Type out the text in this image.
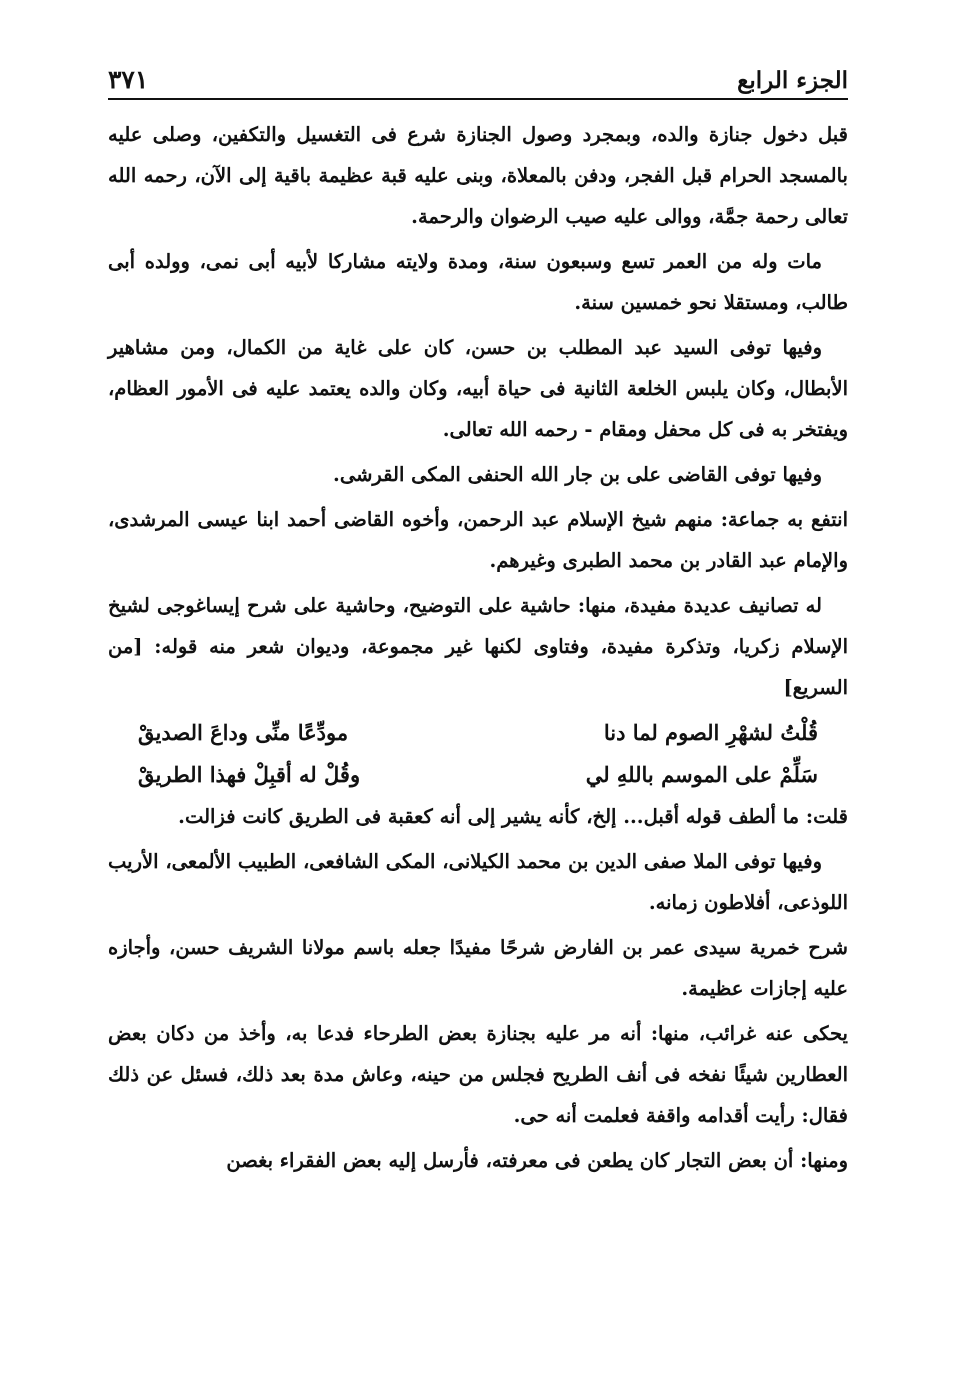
الجزء الرابع
٣٧١

قبل دخول جنازة والده، وبمجرد وصول الجنازة شرع فى التغسيل والتكفين، وصلى عليه بالمسجد الحرام قبل الفجر، ودفن بالمعلاة، وبنى عليه قبة عظيمة باقية إلى الآن، رحمه الله تعالى رحمة جمَّة، ووالى عليه صيب الرضوان والرحمة.

مات وله من العمر تسع وسبعون سنة، ومدة ولايته مشاركا لأبيه أبى نمى، وولده أبى طالب، ومستقلا نحو خمسين سنة.

وفيها توفى السيد عبد المطلب بن حسن، كان على غاية من الكمال، ومن مشاهير الأبطال، وكان يلبس الخلعة الثانية فى حياة أبيه، وكان والده يعتمد عليه فى الأمور العظام، ويفتخر به فى كل محفل ومقام - رحمه الله تعالى.

وفيها توفى القاضى على بن جار الله الحنفى المكى القرشى.

انتفع به جماعة: منهم شيخ الإسلام عبد الرحمن، وأخوه القاضى أحمد ابنا عيسى المرشدى، والإمام عبد القادر بن محمد الطبرى وغيرهم.

له تصانيف عديدة مفيدة، منها: حاشية على التوضيح، وحاشية على شرح إيساغوجى لشيخ الإسلام زكريا، وتذكرة مفيدة، وفتاوى لكنها غير مجموعة، وديوان شعر منه قوله: [من السريع]

قُلْتُ لشهْرِ الصوم لما دنا
مودِّعًا منِّى وداعَ الصديقْ
سَلِّمْ على الموسم باللهِ لي
وقُلْ له أقبِلْ فهذا الطريقْ

قلت: ما ألطف قوله أقبل... إلخ، كأنه يشير إلى أنه كعقبة فى الطريق كانت فزالت.

وفيها توفى الملا صفى الدين بن محمد الكيلانى، المكى الشافعى، الطبيب الألمعى، الأريب اللوذعى، أفلاطون زمانه.

شرح خمرية سيدى عمر بن الفارض شرحًا مفيدًا جعله باسم مولانا الشريف حسن، وأجازه عليه إجازات عظيمة.

يحكى عنه غرائب، منها: أنه مر عليه بجنازة بعض الطرحاء فدعا به، وأخذ من دكان بعض العطارين شيئًا نفخه فى أنف الطريح فجلس من حينه، وعاش مدة بعد ذلك، فسئل عن ذلك فقال: رأيت أقدامه واقفة فعلمت أنه حى.

ومنها: أن بعض التجار كان يطعن فى معرفته، فأرسل إليه بعض الفقراء بغصن
